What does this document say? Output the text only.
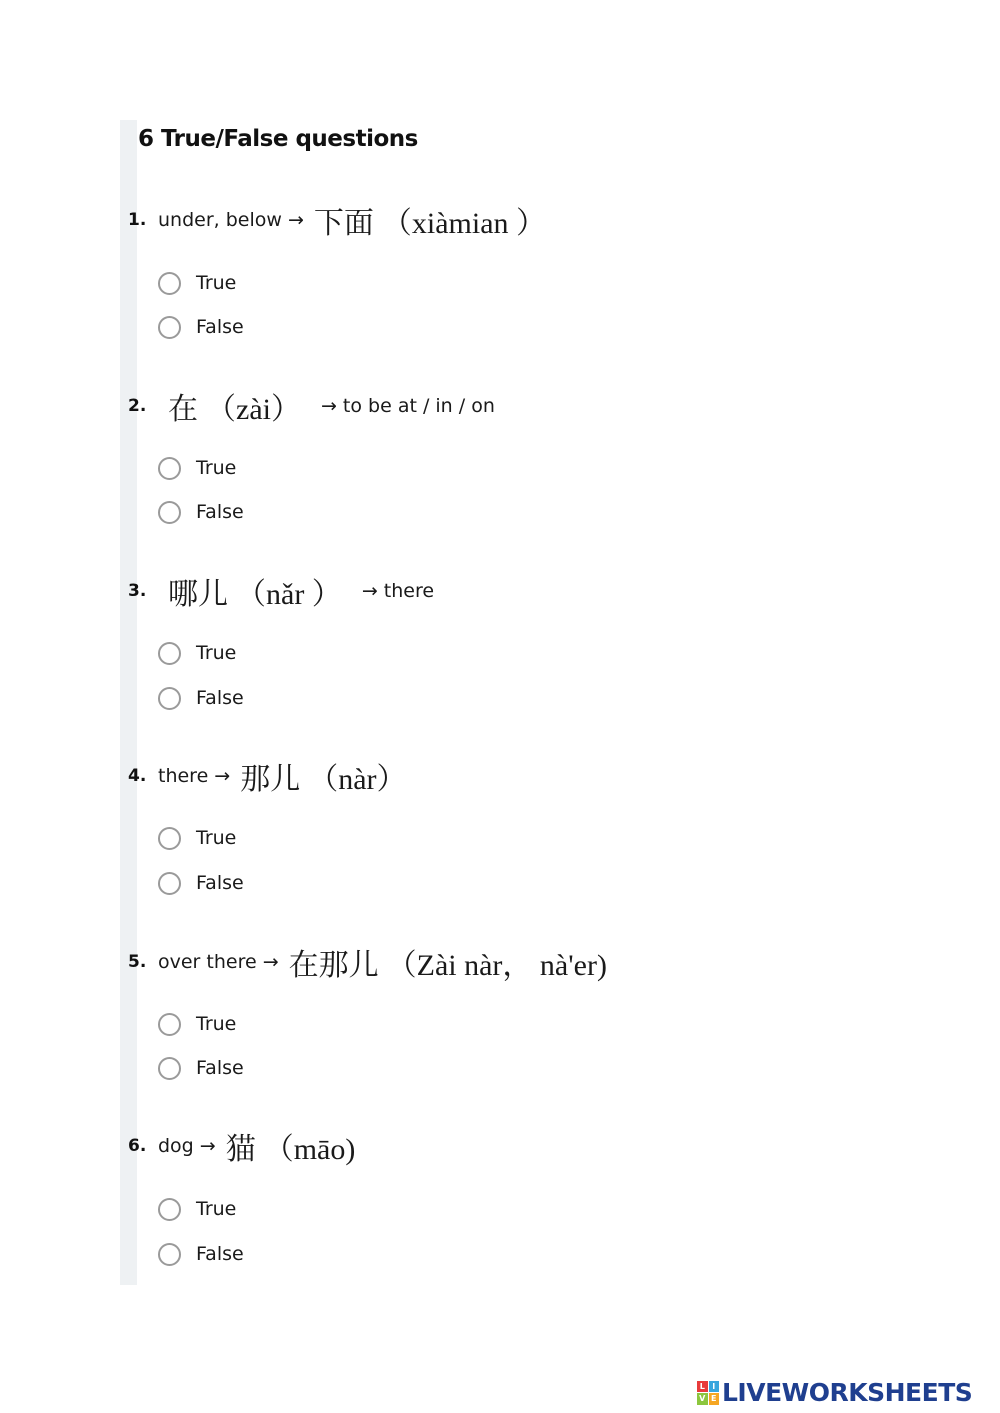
6 True/False questions
1. under, below → 下面 （xiàmian ）
True
False
2. 在 （zài） → to be at / in / on
True
False
3. 哪儿 （nǎr ） → there
True
False
4. there → 那儿 （nàr）
True
False
5. over there → 在那儿 （Zài nàr， nà'er)
True
False
6. dog → 猫 （māo)
True
False
L I
V E LIVEWORKSHEETS
